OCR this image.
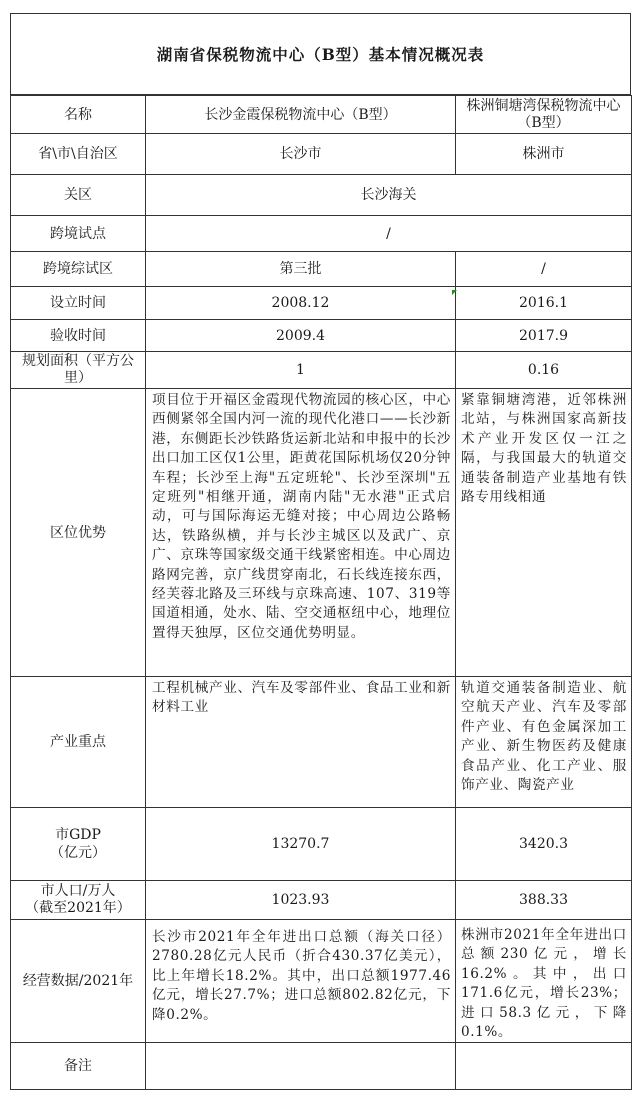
湖南省保税物流中心（B型）基本情况概况表
名称	长沙金霞保税物流中心（B型）	株洲铜塘湾保税物流中心（B型）
省\市\自治区	长沙市	株洲市
关区	长沙海关	
跨境试点	/	
跨境综试区	第三批	/
设立时间	2008.12	2016.1
验收时间	2009.4	2017.9
规划面积（平方公里）	1	0.16
区位优势	项目位于开福区金霞现代物流园的核心区，中心西侧紧邻全国内河一流的现代化港口——长沙新港，东侧距长沙铁路货运新北站和申报中的长沙出口加工区仅1公里，距黄花国际机场仅20分钟车程；长沙至上海"五定班轮"、长沙至深圳"五定班列"相继开通，湖南内陆"无水港"正式启动，可与国际海运无缝对接；中心周边公路畅达，铁路纵横，并与长沙主城区以及武广、京广、京珠等国家级交通干线紧密相连。中心周边路网完善，京广线贯穿南北，石长线连接东西，经芙蓉北路及三环线与京珠高速、107、319等国道相通，处水、陆、空交通枢纽中心，地理位置得天独厚，区位交通优势明显。	紧靠铜塘湾港，近邻株洲北站，与株洲国家高新技术产业开发区仅一江之隔，与我国最大的轨道交通装备制造产业基地有铁路专用线相通
产业重点	工程机械产业、汽车及零部件业、食品工业和新材料工业	轨道交通装备制造业、航空航天产业、汽车及零部件产业、有色金属深加工产业、新生物医药及健康食品产业、化工产业、服饰产业、陶瓷产业

市GDP
（亿元）	13270.7	3420.3

市人口/万人
（截至2021年）	1023.93	388.33
经营数据/2021年	长沙市2021年全年进出口总额（海关口径）2780.28亿元人民币（折合430.37亿美元），比上年增长18.2%。其中，出口总额1977.46亿元，增长27.7%；进口总额802.82亿元，下降0.2%。	株洲市2021年全年进出口总额230亿元，增长16.2%。其中，出口171.6亿元，增长23%；进口58.3亿元，下降0.1%。
备注		
